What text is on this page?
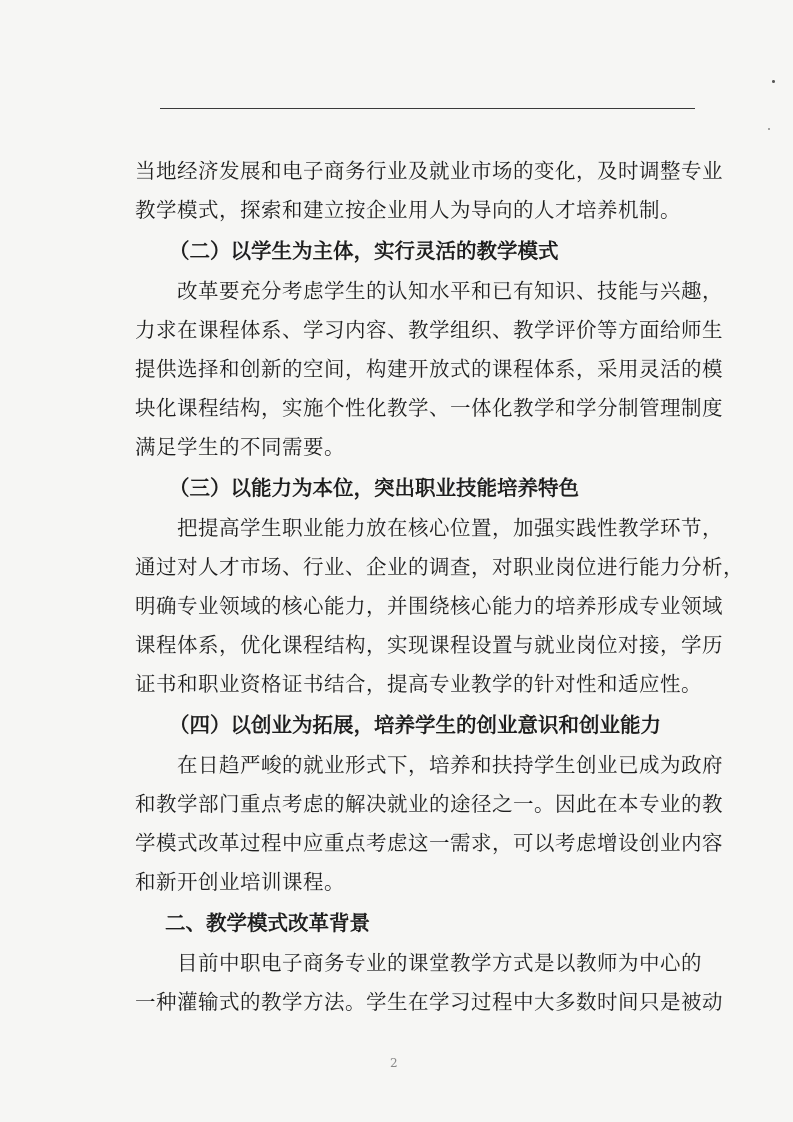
当地经济发展和电子商务行业及就业市场的变化，及时调整专业
教学模式，探索和建立按企业用人为导向的人才培养机制。
（二）以学生为主体，实行灵活的教学模式
改革要充分考虑学生的认知水平和已有知识、技能与兴趣，
力求在课程体系、学习内容、教学组织、教学评价等方面给师生
提供选择和创新的空间，构建开放式的课程体系，采用灵活的模
块化课程结构，实施个性化教学、一体化教学和学分制管理制度
满足学生的不同需要。
（三）以能力为本位，突出职业技能培养特色
把提高学生职业能力放在核心位置，加强实践性教学环节，
通过对人才市场、行业、企业的调查，对职业岗位进行能力分析，
明确专业领域的核心能力，并围绕核心能力的培养形成专业领域
课程体系，优化课程结构，实现课程设置与就业岗位对接，学历
证书和职业资格证书结合，提高专业教学的针对性和适应性。
（四）以创业为拓展，培养学生的创业意识和创业能力
在日趋严峻的就业形式下，培养和扶持学生创业已成为政府
和教学部门重点考虑的解决就业的途径之一。因此在本专业的教
学模式改革过程中应重点考虑这一需求，可以考虑增设创业内容
和新开创业培训课程。
二、教学模式改革背景
目前中职电子商务专业的课堂教学方式是以教师为中心的
一种灌输式的教学方法。学生在学习过程中大多数时间只是被动
2
